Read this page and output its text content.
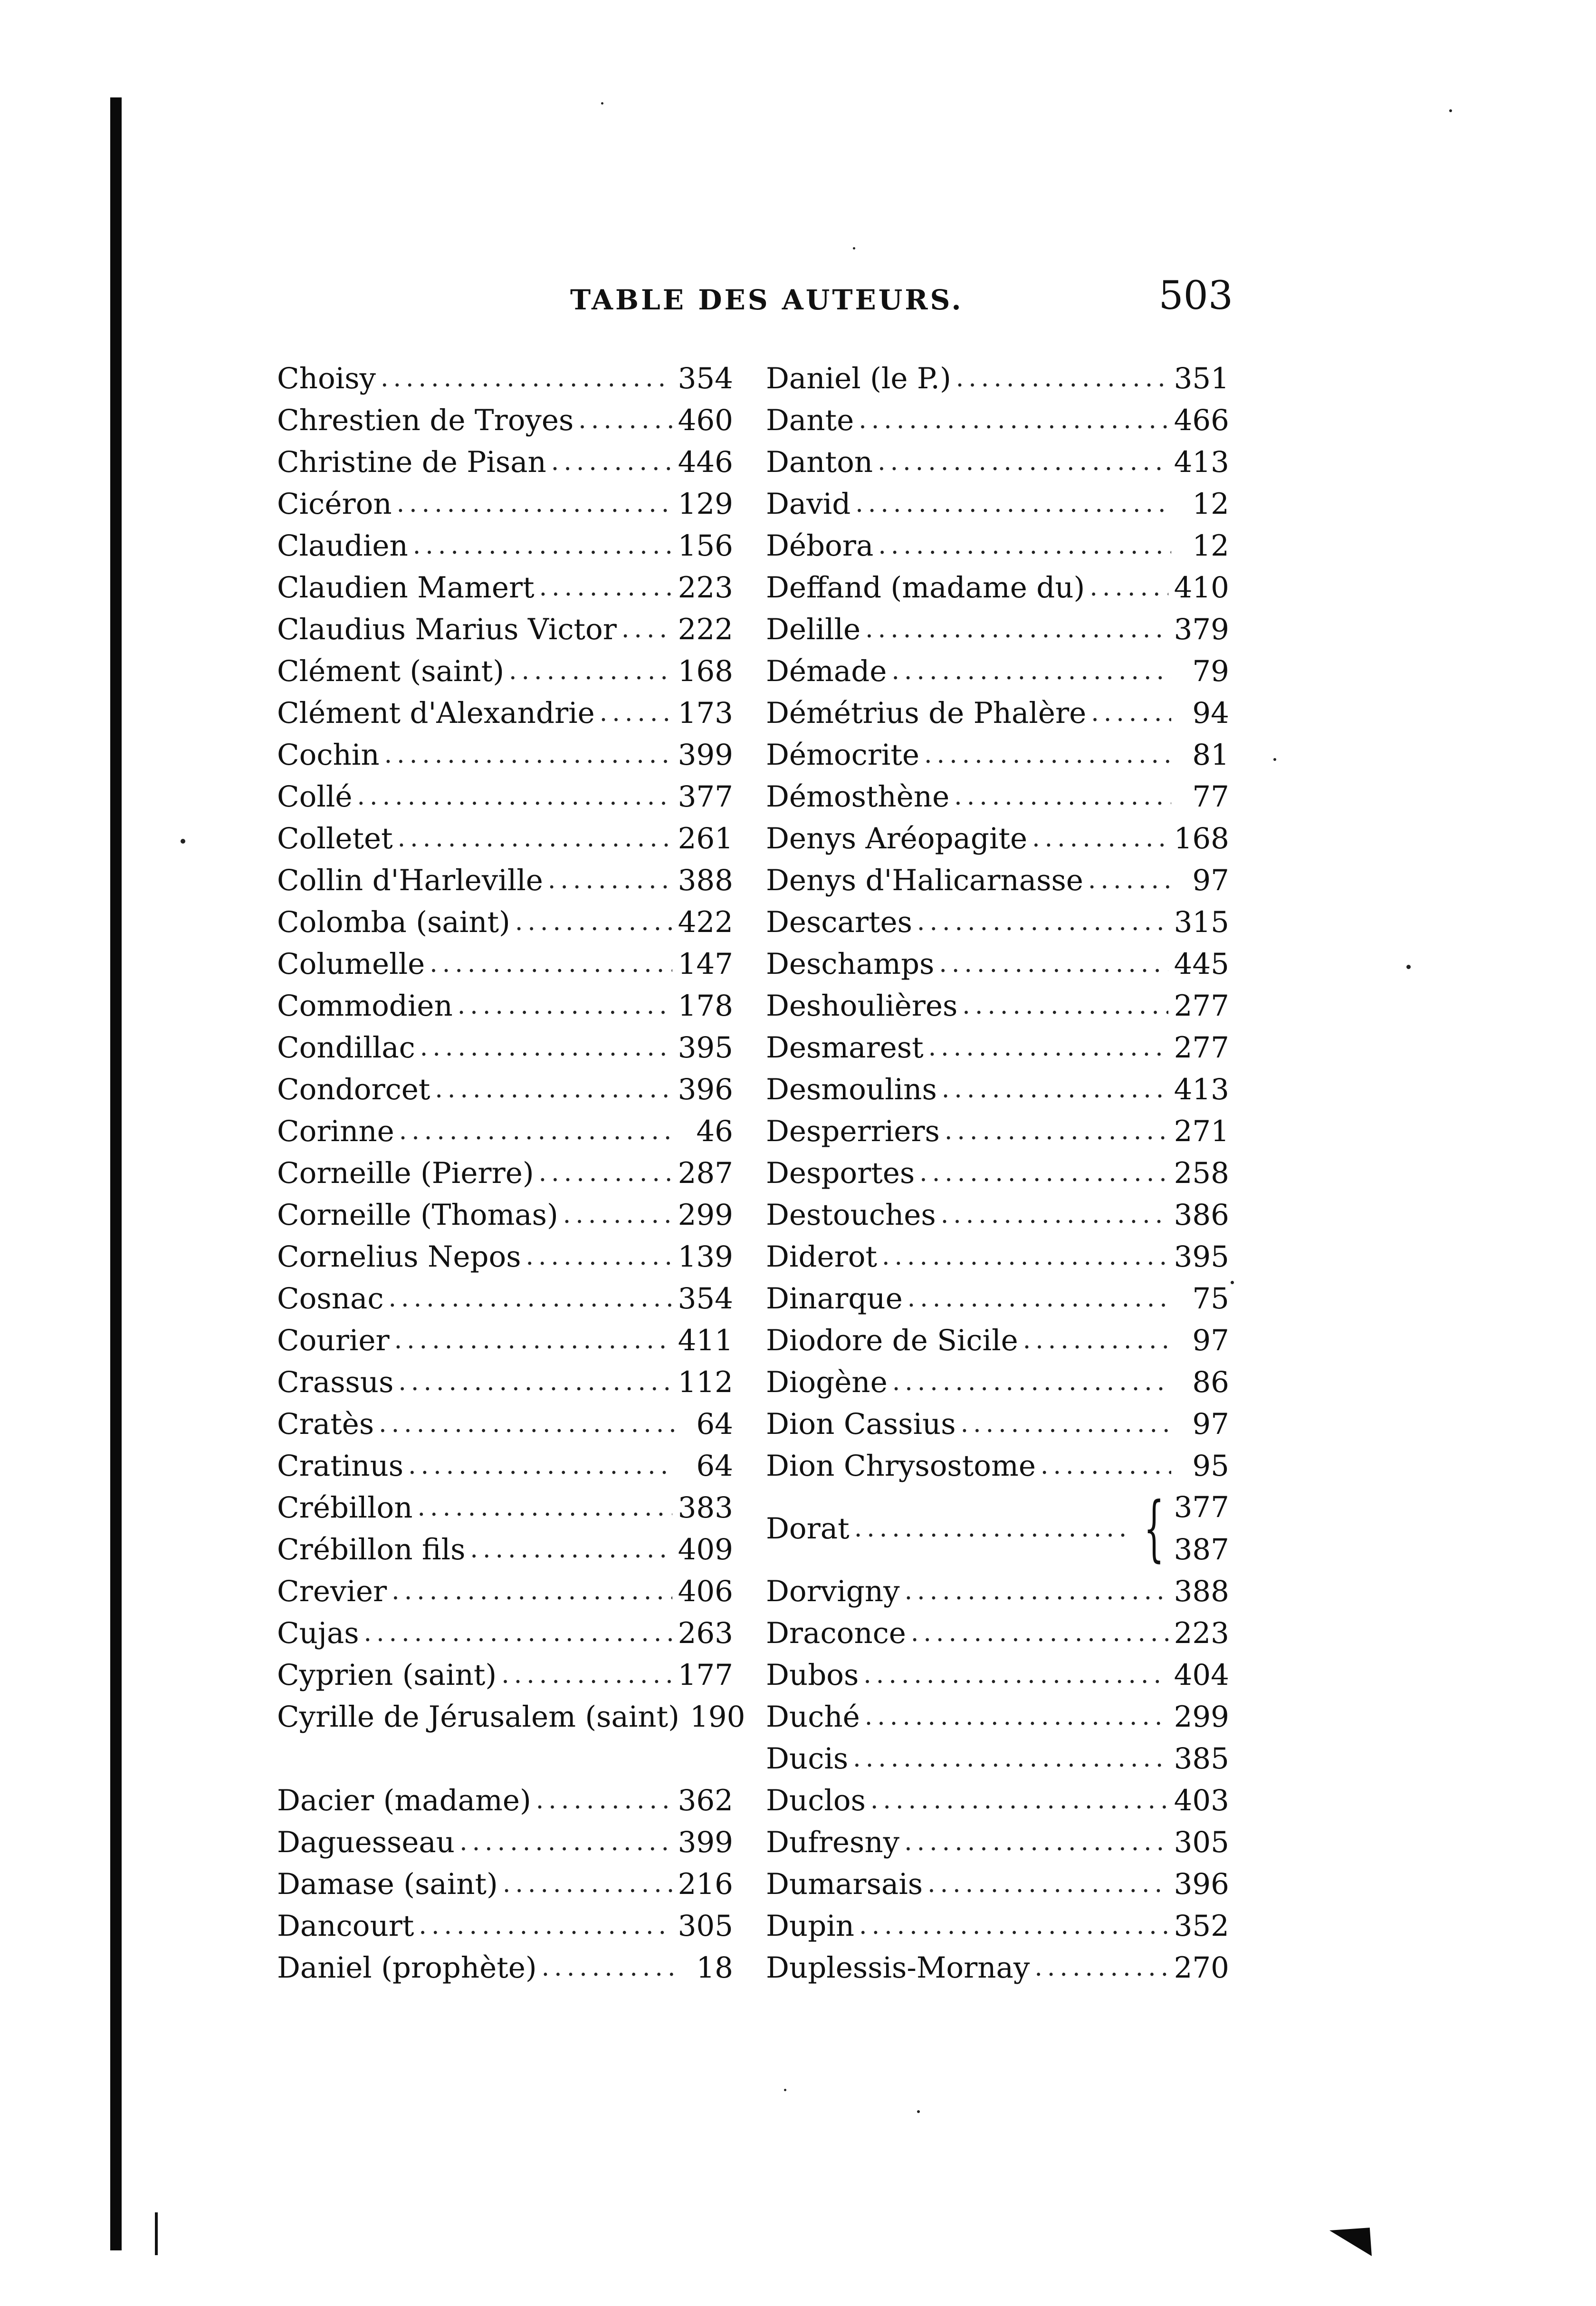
TABLE DES AUTEURS.	503
Choisy .....	354
Chrestien de Troyes .....	460
Christine de Pisan .....	446
Cicéron .....	129
Claudien .....	156
Claudien Mamert .....	223
Claudius Marius Victor ..... 222
Clément (saint) .....	168
Clément d'Alexandrie .....	173
Cochin .....	399
Collé .....	377
Colletet .....	261
Collin d'Harleville .....	388
Colomba (saint) .....	422
Columelle .....	147
Commodien .....	178
Condillac .....	395
Condorcet .....	396
Corinne .....	46
Corneille (Pierre) .....	287
Corneille (Thomas) .....	299
Cornelius Nepos .....	139
Cosnac .....	354
Courier .....	411
Crassus .....	112
Cratès .....	64
Cratinus .....	64
Crébillon .....	383
Crébillon fils .....	409
Crevier .....	406
Cujas .....	263
Cyprien (saint) .....	177
Cyrille de Jérusalem (saint) 190
Dacier (madame) .....	362
Daguesseau .....	399
Damase (saint) .....	216
Dancourt .....	305
Daniel (prophète) .....	18
Daniel (le P.) .....	351
Dante .....	466
Danton .....	413
David .....	12
Débora .....	12
Deffand (madame du) .....	410
Delille .....	379
Démade .....	79
Démétrius de Phalère .....	94
Démocrite .....	81
Démosthène .....	77
Denys Aréopagite .....	168
Denys d'Halicarnasse .....	97
Descartes .....	315
Deschamps .....	445
Deshoulières .....	277
Desmarest .....	277
Desmoulins .....	413
Desperriers .....	271
Desportes .....	258
Destouches .....	386
Diderot .....	395
Dinarque .....	75
Diodore de Sicile .....	97
Diogène .....	86
Dion Cassius .....	97
Dion Chrysostome .....	95
Dorat .....	{ 377
387
Dorvigny .....	388
Draconce .....	223
Dubos .....	404
Duché .....	299
Ducis .....	385
Duclos .....	403
Dufresny .....	305
Dumarsais .....	396
Dupin .....	352
Duplessis-Mornay .....	270
